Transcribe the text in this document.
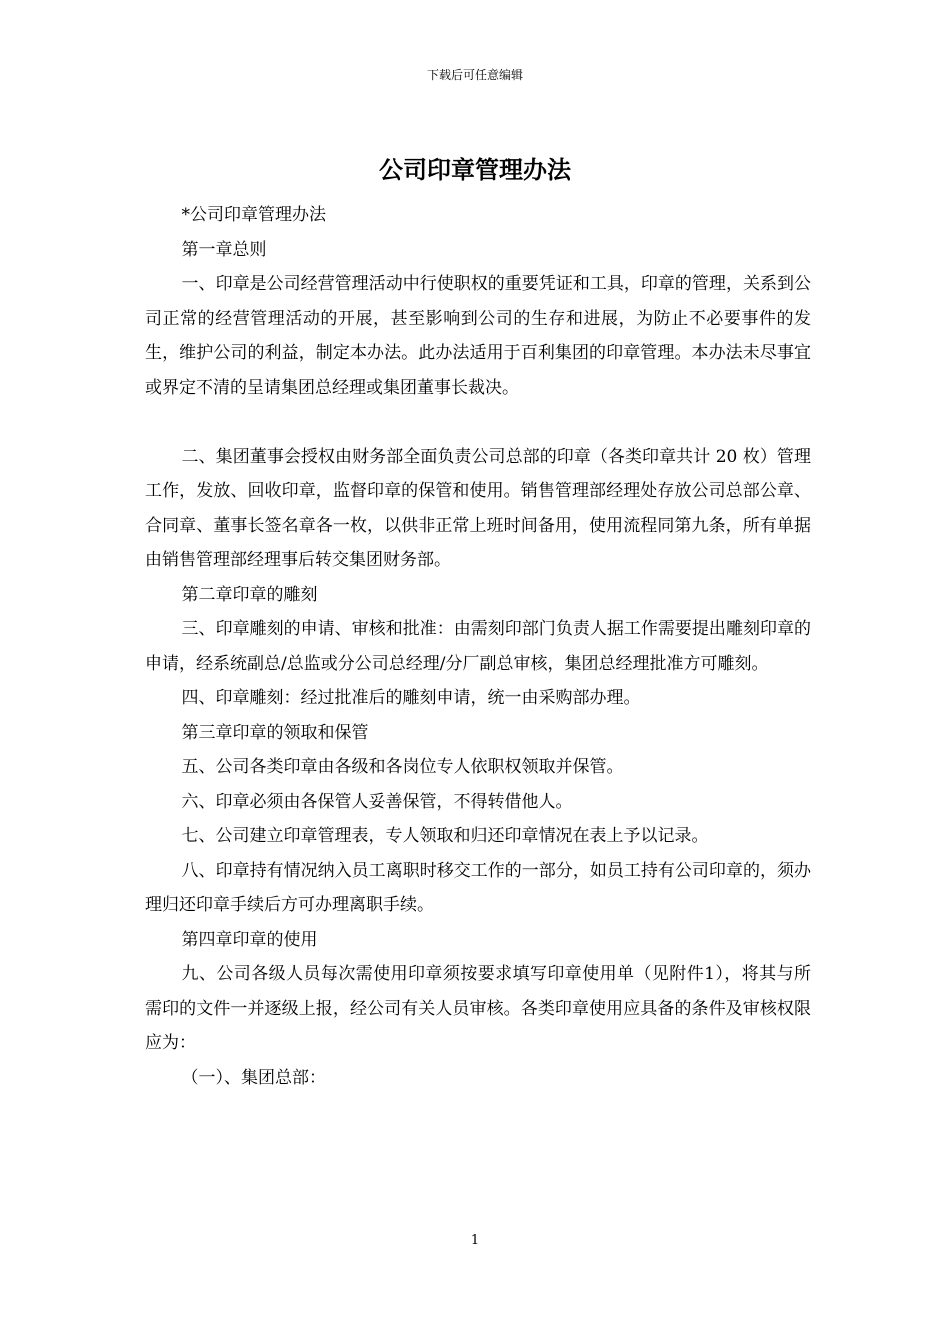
下载后可任意编辑
公司印章管理办法

*公司印章管理办法

第一章总则

一、印章是公司经营管理活动中行使职权的重要凭证和工具，印章的管理，关系到公司正常的经营管理活动的开展，甚至影响到公司的生存和进展，为防止不必要事件的发生，维护公司的利益，制定本办法。此办法适用于百利集团的印章管理。本办法未尽事宜或界定不清的呈请集团总经理或集团董事长裁决。

二、集团董事会授权由财务部全面负责公司总部的印章（各类印章共计 20 枚）管理工作，发放、回收印章，监督印章的保管和使用。销售管理部经理处存放公司总部公章、合同章、董事长签名章各一枚，以供非正常上班时间备用，使用流程同第九条，所有单据由销售管理部经理事后转交集团财务部。

第二章印章的雕刻

三、印章雕刻的申请、审核和批准：由需刻印部门负责人据工作需要提出雕刻印章的申请，经系统副总/总监或分公司总经理/分厂副总审核，集团总经理批准方可雕刻。

四、印章雕刻：经过批准后的雕刻申请，统一由采购部办理。

第三章印章的领取和保管

五、公司各类印章由各级和各岗位专人依职权领取并保管。

六、印章必须由各保管人妥善保管，不得转借他人。

七、公司建立印章管理表，专人领取和归还印章情况在表上予以记录。

八、印章持有情况纳入员工离职时移交工作的一部分，如员工持有公司印章的，须办理归还印章手续后方可办理离职手续。

第四章印章的使用

九、公司各级人员每次需使用印章须按要求填写印章使用单（见附件1），将其与所需印的文件一并逐级上报，经公司有关人员审核。各类印章使用应具备的条件及审核权限应为：

（一）、集团总部：

1
